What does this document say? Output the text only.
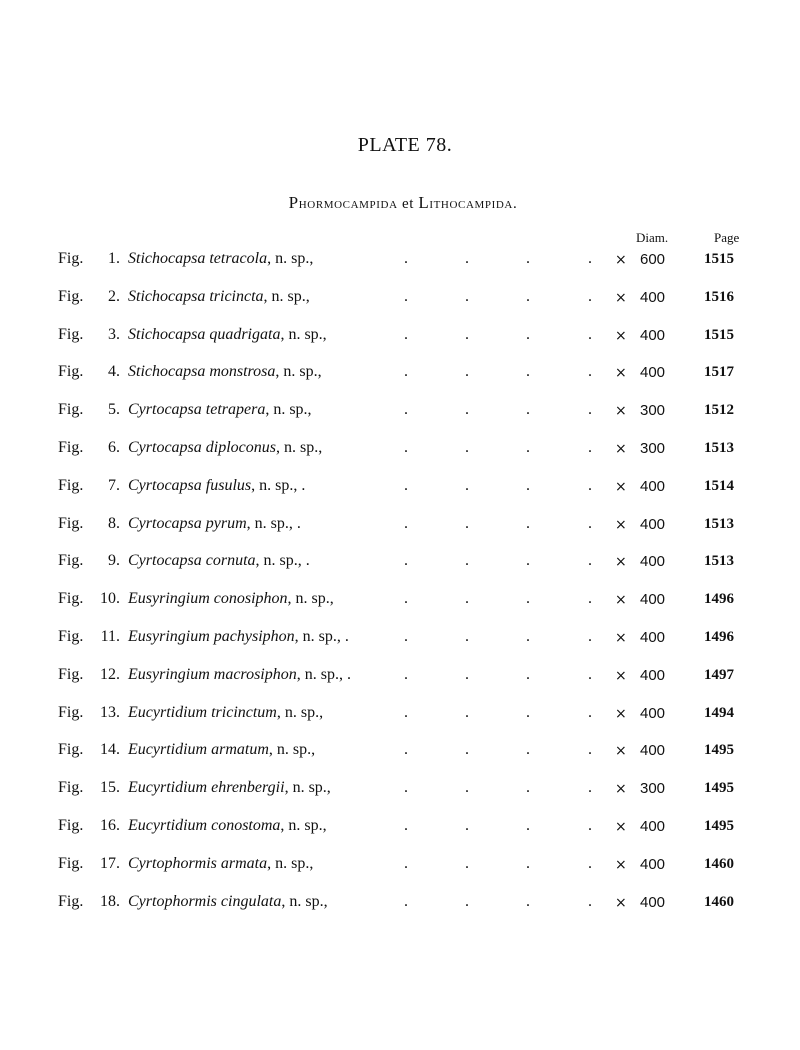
PLATE 78.
Phormocampida et Lithocampida.
Diam.	Page
Fig.	1. Stichocapsa tetracola, n. sp.,	.	.	.	. × 600	1515
Fig.	2. Stichocapsa tricincta, n. sp.,	.	.	.	. × 400	1516
Fig.	3. Stichocapsa quadrigata, n. sp.,	.	.	.	. × 400	1515
Fig.	4. Stichocapsa monstrosa, n. sp.,	.	.	.	. × 400	1517
Fig.	5. Cyrtocapsa tetrapera, n. sp.,	.	.	.	. × 300	1512
Fig.	6. Cyrtocapsa diploconus, n. sp.,	.	.	.	. × 300	1513
Fig.	7. Cyrtocapsa fusulus, n. sp., .	.	.	.	. × 400	1514
Fig.	8. Cyrtocapsa pyrum, n. sp., .	.	.	.	. × 400	1513
Fig.	9. Cyrtocapsa cornuta, n. sp., .	.	.	.	. × 400	1513
Fig. 10. Eusyringium conosiphon, n. sp.,	.	.	.	. × 400	1496
Fig. 11. Eusyringium pachysiphon, n. sp., .	.	.	.	. × 400	1496
Fig. 12. Eusyringium macrosiphon, n. sp., .	.	.	.	. × 400	1497
Fig. 13. Eucyrtidium tricinctum, n. sp.,	.	.	.	. × 400	1494
Fig. 14. Eucyrtidium armatum, n. sp.,	.	.	.	. × 400	1495
Fig. 15. Eucyrtidium ehrenbergii, n. sp.,	.	.	.	. × 300	1495
Fig. 16. Eucyrtidium conostoma, n. sp.,	.	.	.	. × 400	1495
Fig. 17. Cyrtophormis armata, n. sp.,	.	.	.	. × 400	1460
Fig. 18. Cyrtophormis cingulata, n. sp.,	.	.	.	. × 400	1460
